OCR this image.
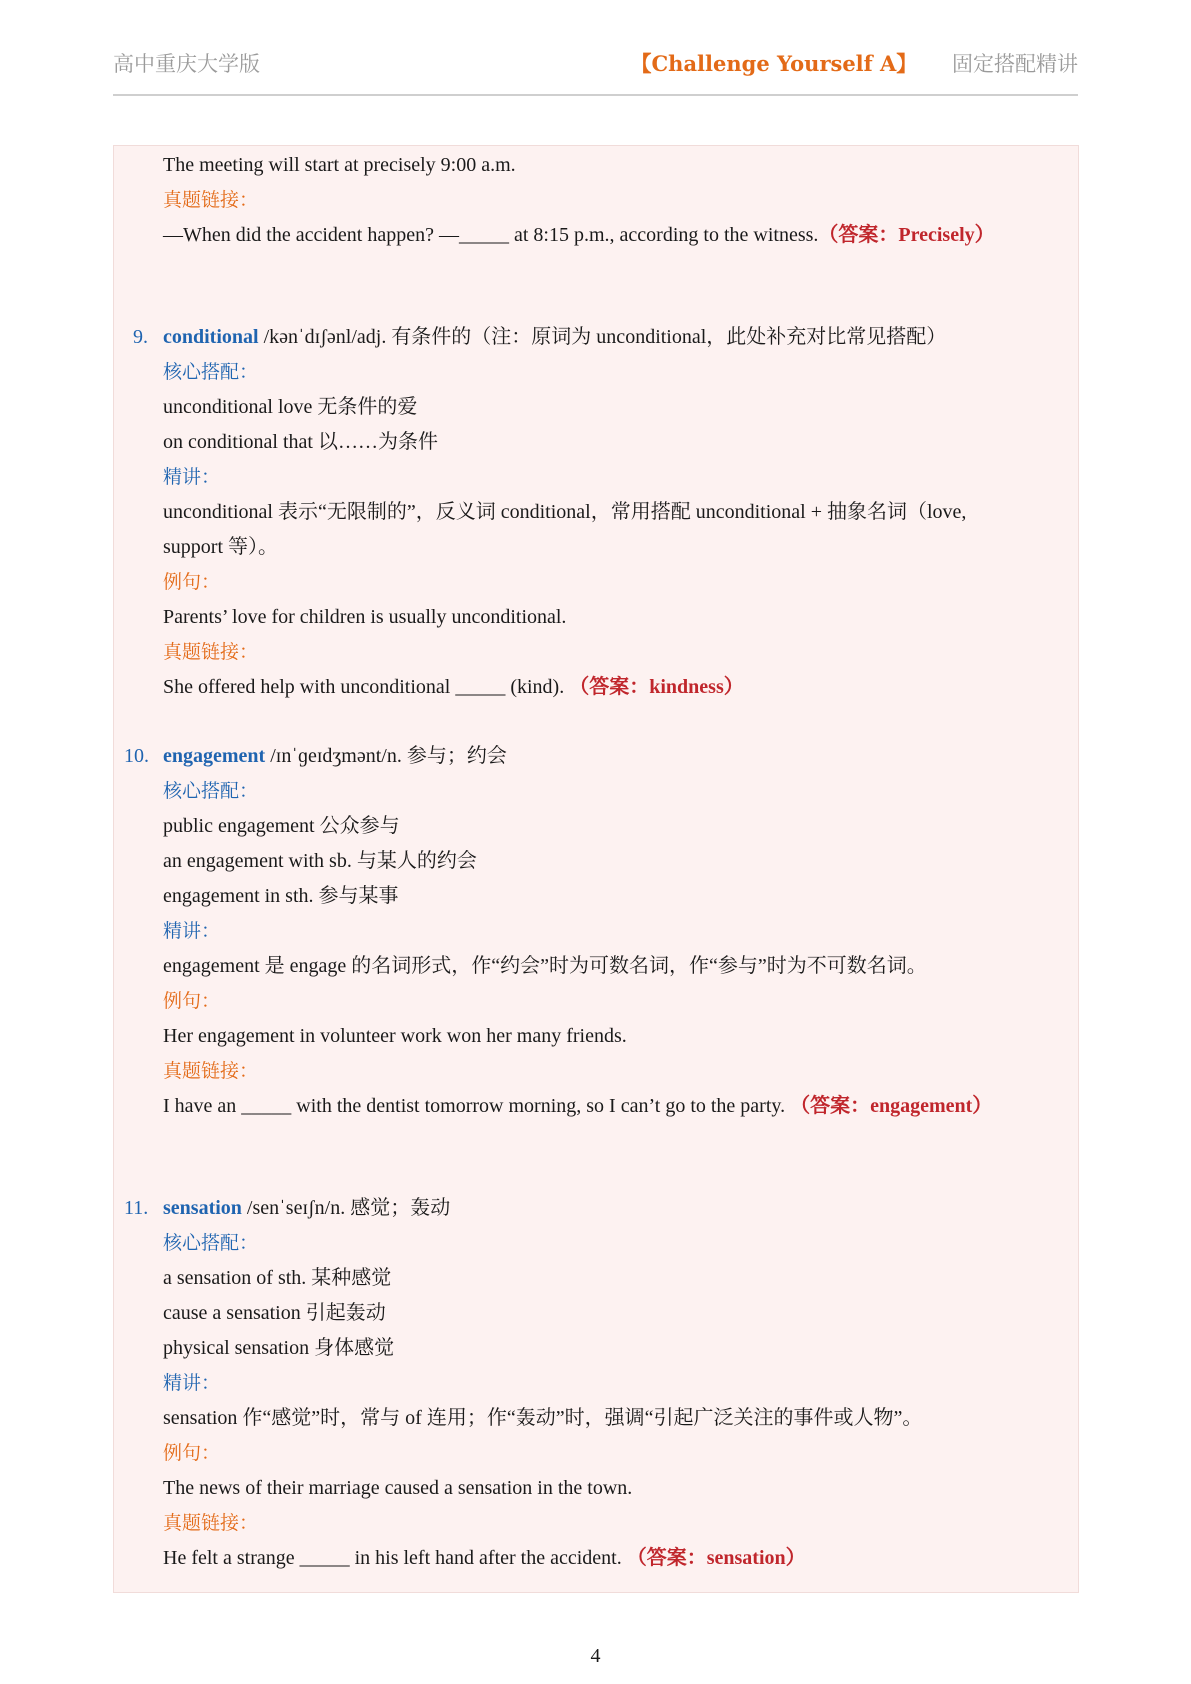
高中重庆大学版	【Challenge Yourself A】 固定搭配精讲
The meeting will start at precisely 9:00 a.m.
真题链接：
—When did the accident happen? —_____ at 8:15 p.m., according to the witness.（答案：Precisely）
9. conditional /kənˈdɪʃənl/adj. 有条件的（注：原词为 unconditional，此处补充对比常见搭配）
核心搭配：
unconditional love 无条件的爱
on conditional that 以……为条件
精讲：
unconditional 表示“无限制的”，反义词 conditional，常用搭配 unconditional + 抽象名词（love,
support 等）。
例句：
Parents’ love for children is usually unconditional.
真题链接：
She offered help with unconditional _____ (kind). （答案：kindness）
10. engagement /ɪnˈɡeɪdʒmənt/n. 参与；约会
核心搭配：
public engagement 公众参与
an engagement with sb. 与某人的约会
engagement in sth. 参与某事
精讲：
engagement 是 engage 的名词形式，作“约会”时为可数名词，作“参与”时为不可数名词。
例句：
Her engagement in volunteer work won her many friends.
真题链接：
I have an _____ with the dentist tomorrow morning, so I can’t go to the party. （答案：engagement）
11. sensation /senˈseɪʃn/n. 感觉；轰动
核心搭配：
a sensation of sth. 某种感觉
cause a sensation 引起轰动
physical sensation 身体感觉
精讲：
sensation 作“感觉”时，常与 of 连用；作“轰动”时，强调“引起广泛关注的事件或人物”。
例句：
The news of their marriage caused a sensation in the town.
真题链接：
He felt a strange _____ in his left hand after the accident. （答案：sensation）
4
